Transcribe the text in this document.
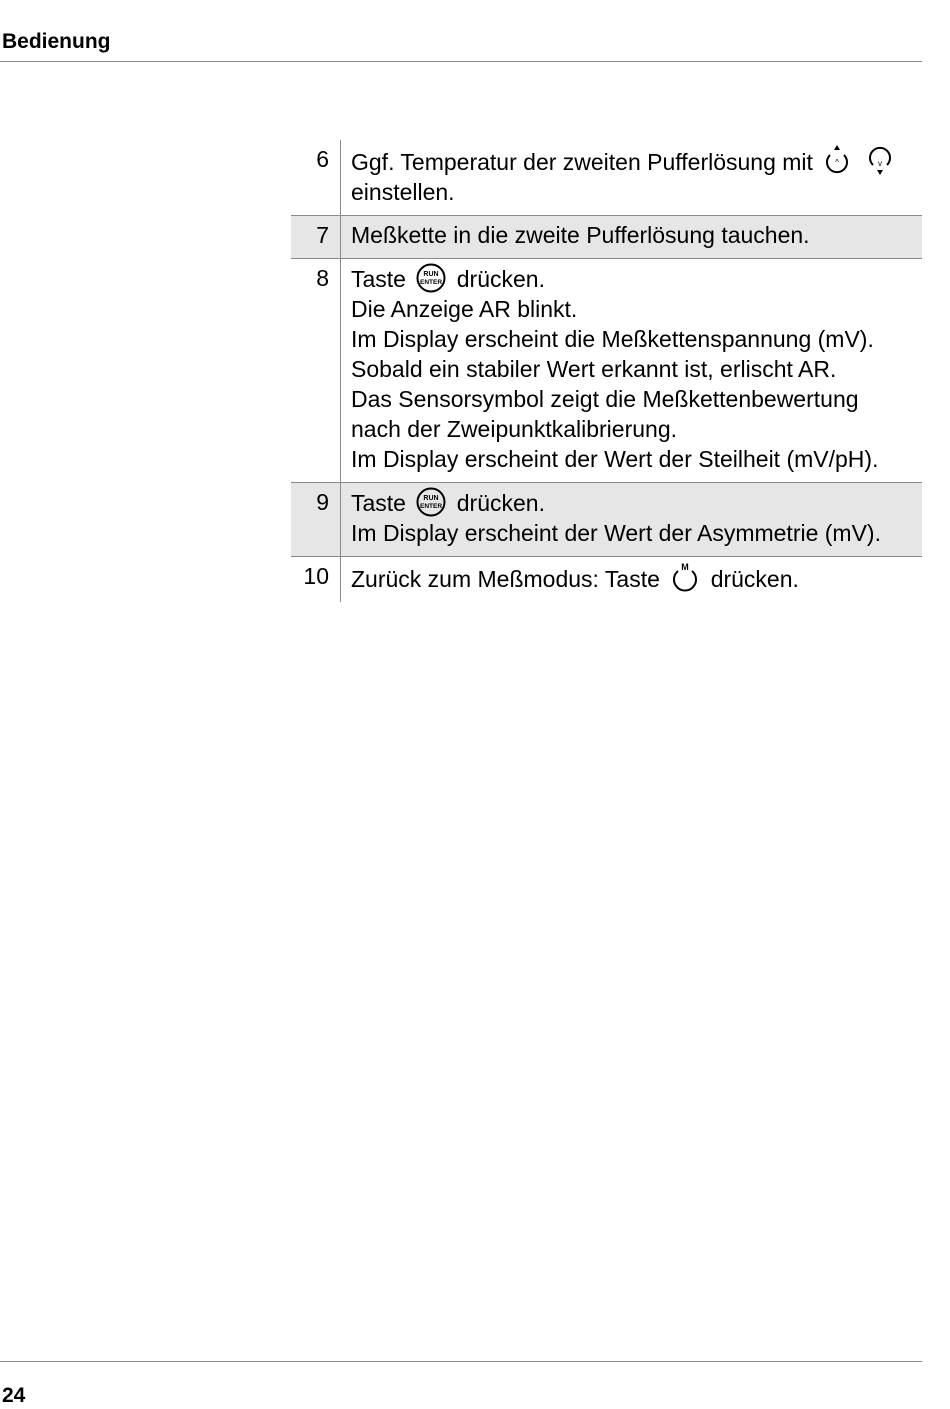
Bedienung
6 Ggf. Temperatur der zweiten Pufferlösung mit	^
	v
einstellen.
7 Meßkette in die zweite Pufferlösung tauchen.
8 Taste	RUN
ENTER drücken.
Die Anzeige AR blinkt.
Im Display erscheint die Meßkettenspannung (mV).
Sobald ein stabiler Wert erkannt ist, erlischt AR.
Das Sensorsymbol zeigt die Meßkettenbewertung
nach der Zweipunktkalibrierung.
Im Display erscheint der Wert der Steilheit (mV/pH).
9 Taste	RUN
ENTER drücken.
Im Display erscheint der Wert der Asymmetrie (mV).
10 Zurück zum Meßmodus: Taste M drücken.
24
